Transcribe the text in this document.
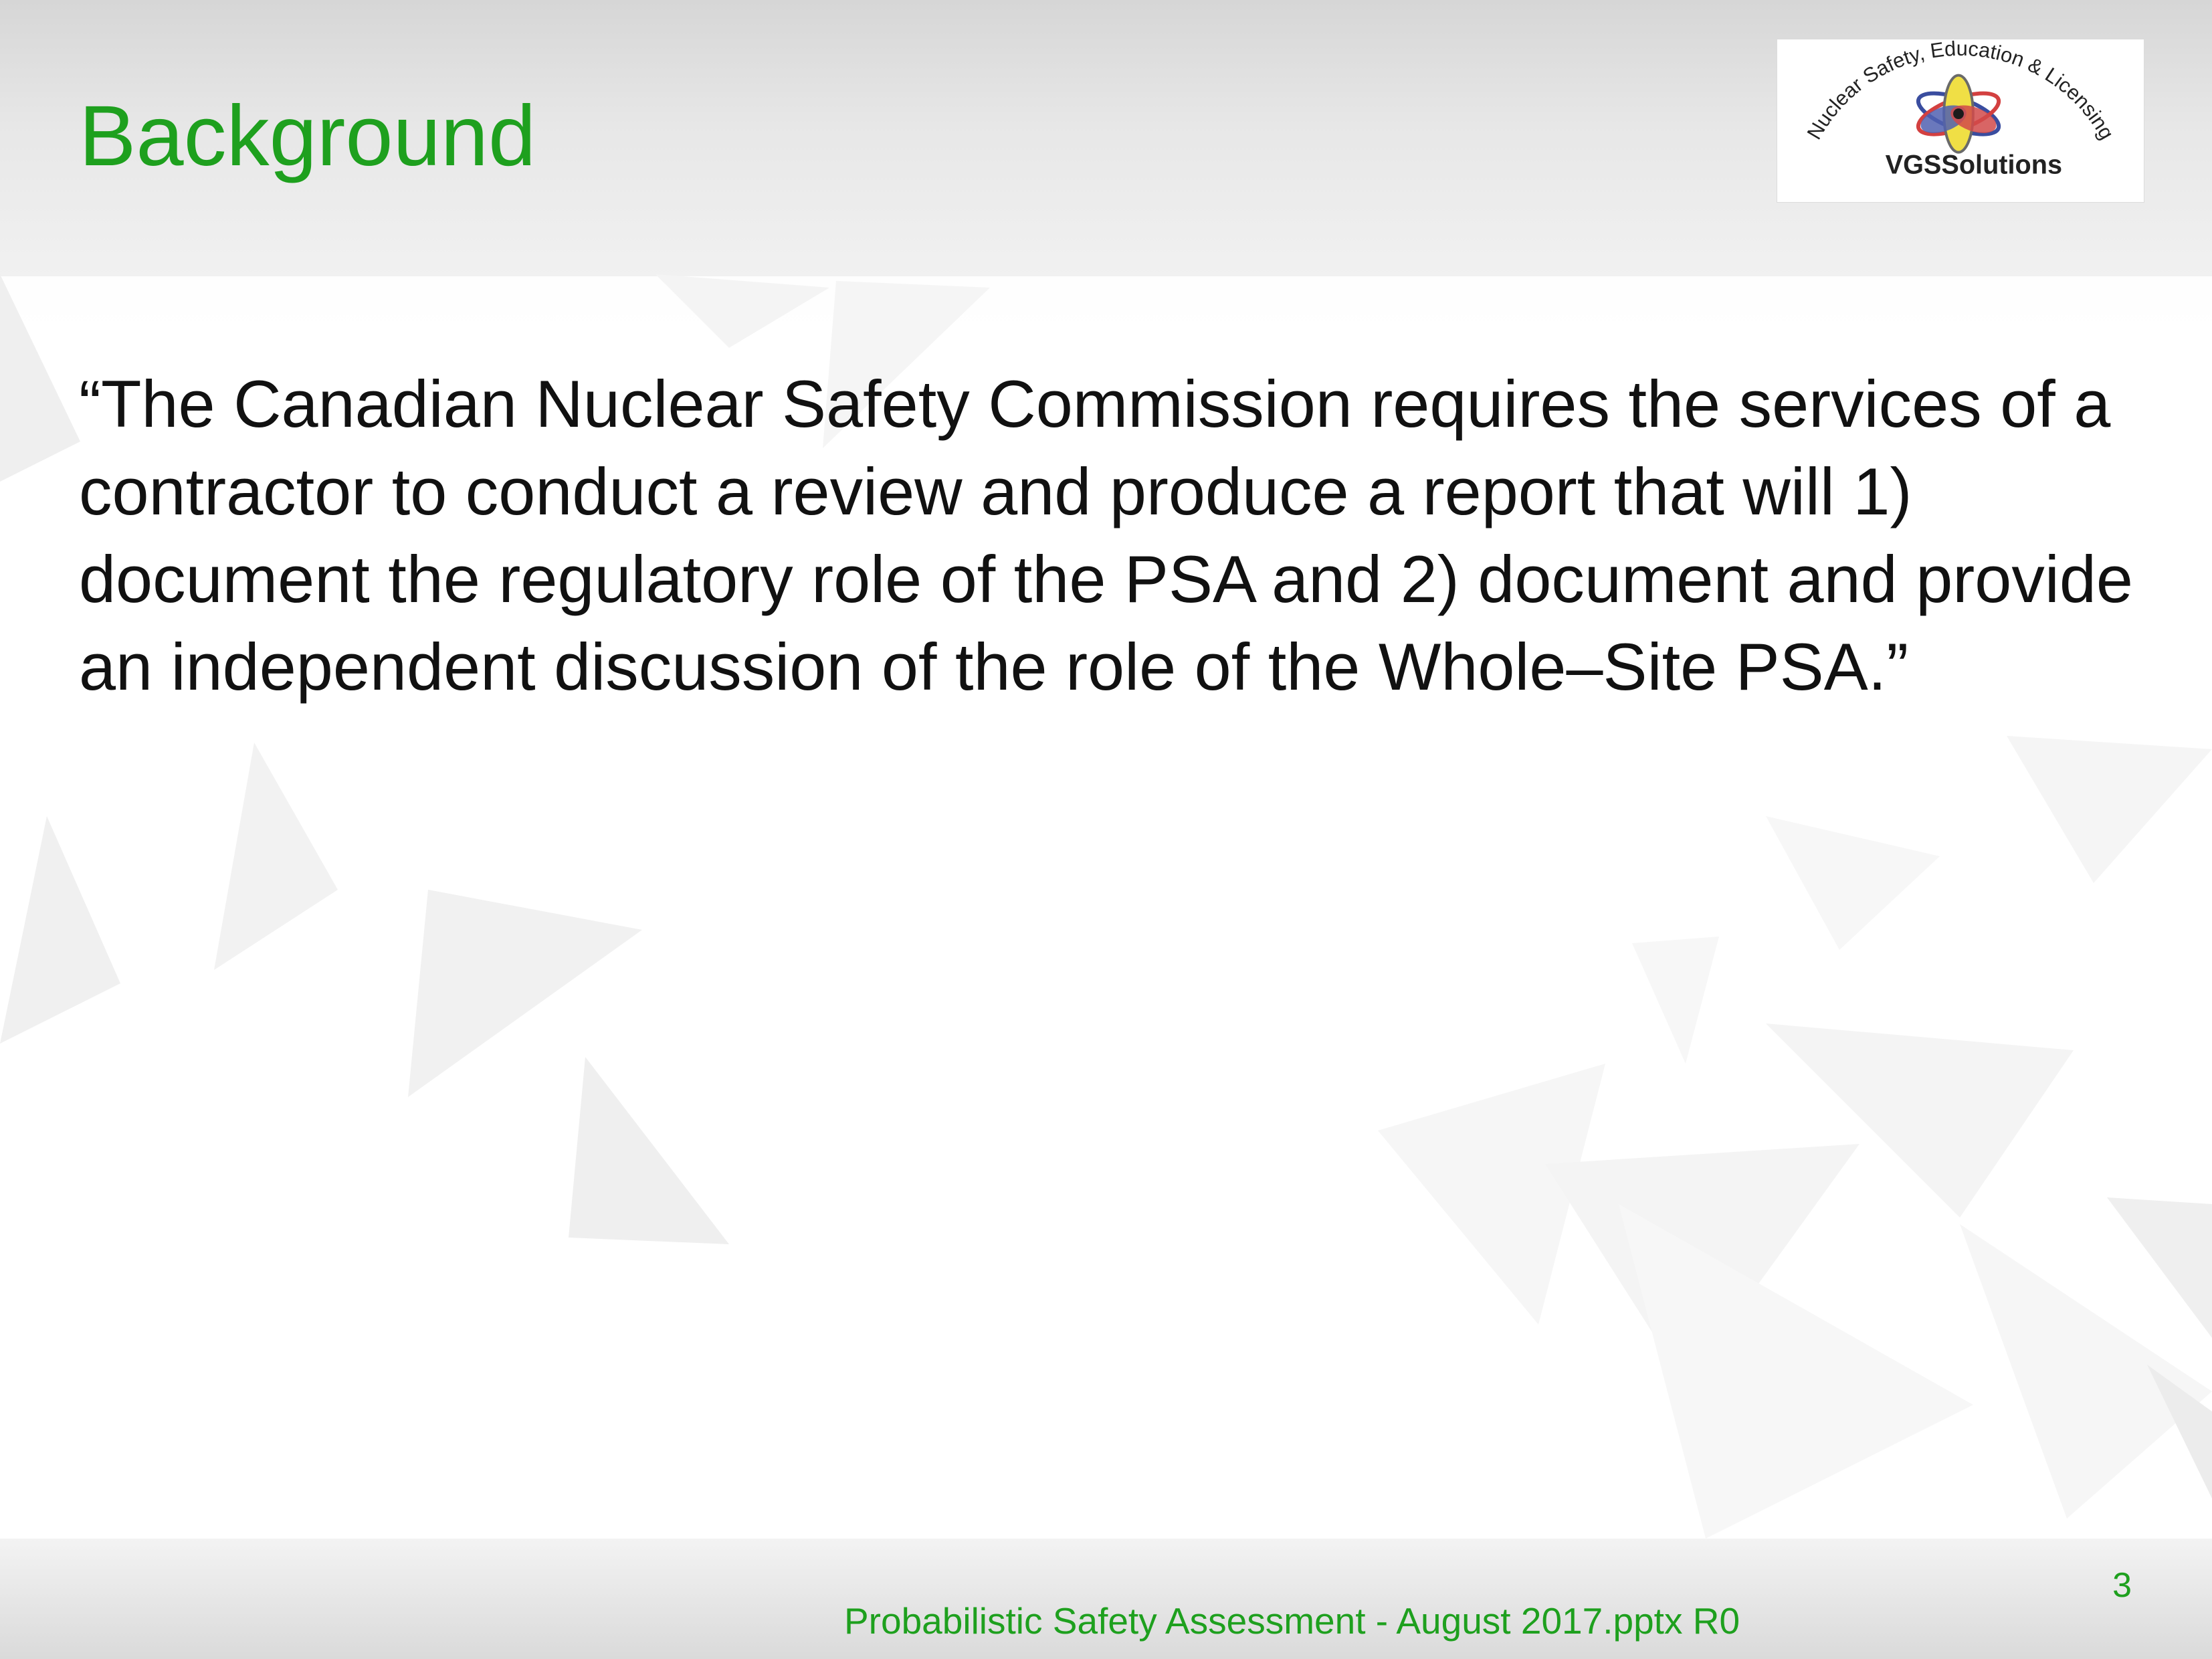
Background	Nuclear Safety, Education & Licensing
VGSSolutions

“The Canadian Nuclear Safety Commission requires the services of a contractor to conduct a review and produce a report that will 1) document the regulatory role of the PSA and 2) document and provide an independent discussion of the role of the Whole–Site PSA.”

3
Probabilistic Safety Assessment - August 2017.pptx R0
